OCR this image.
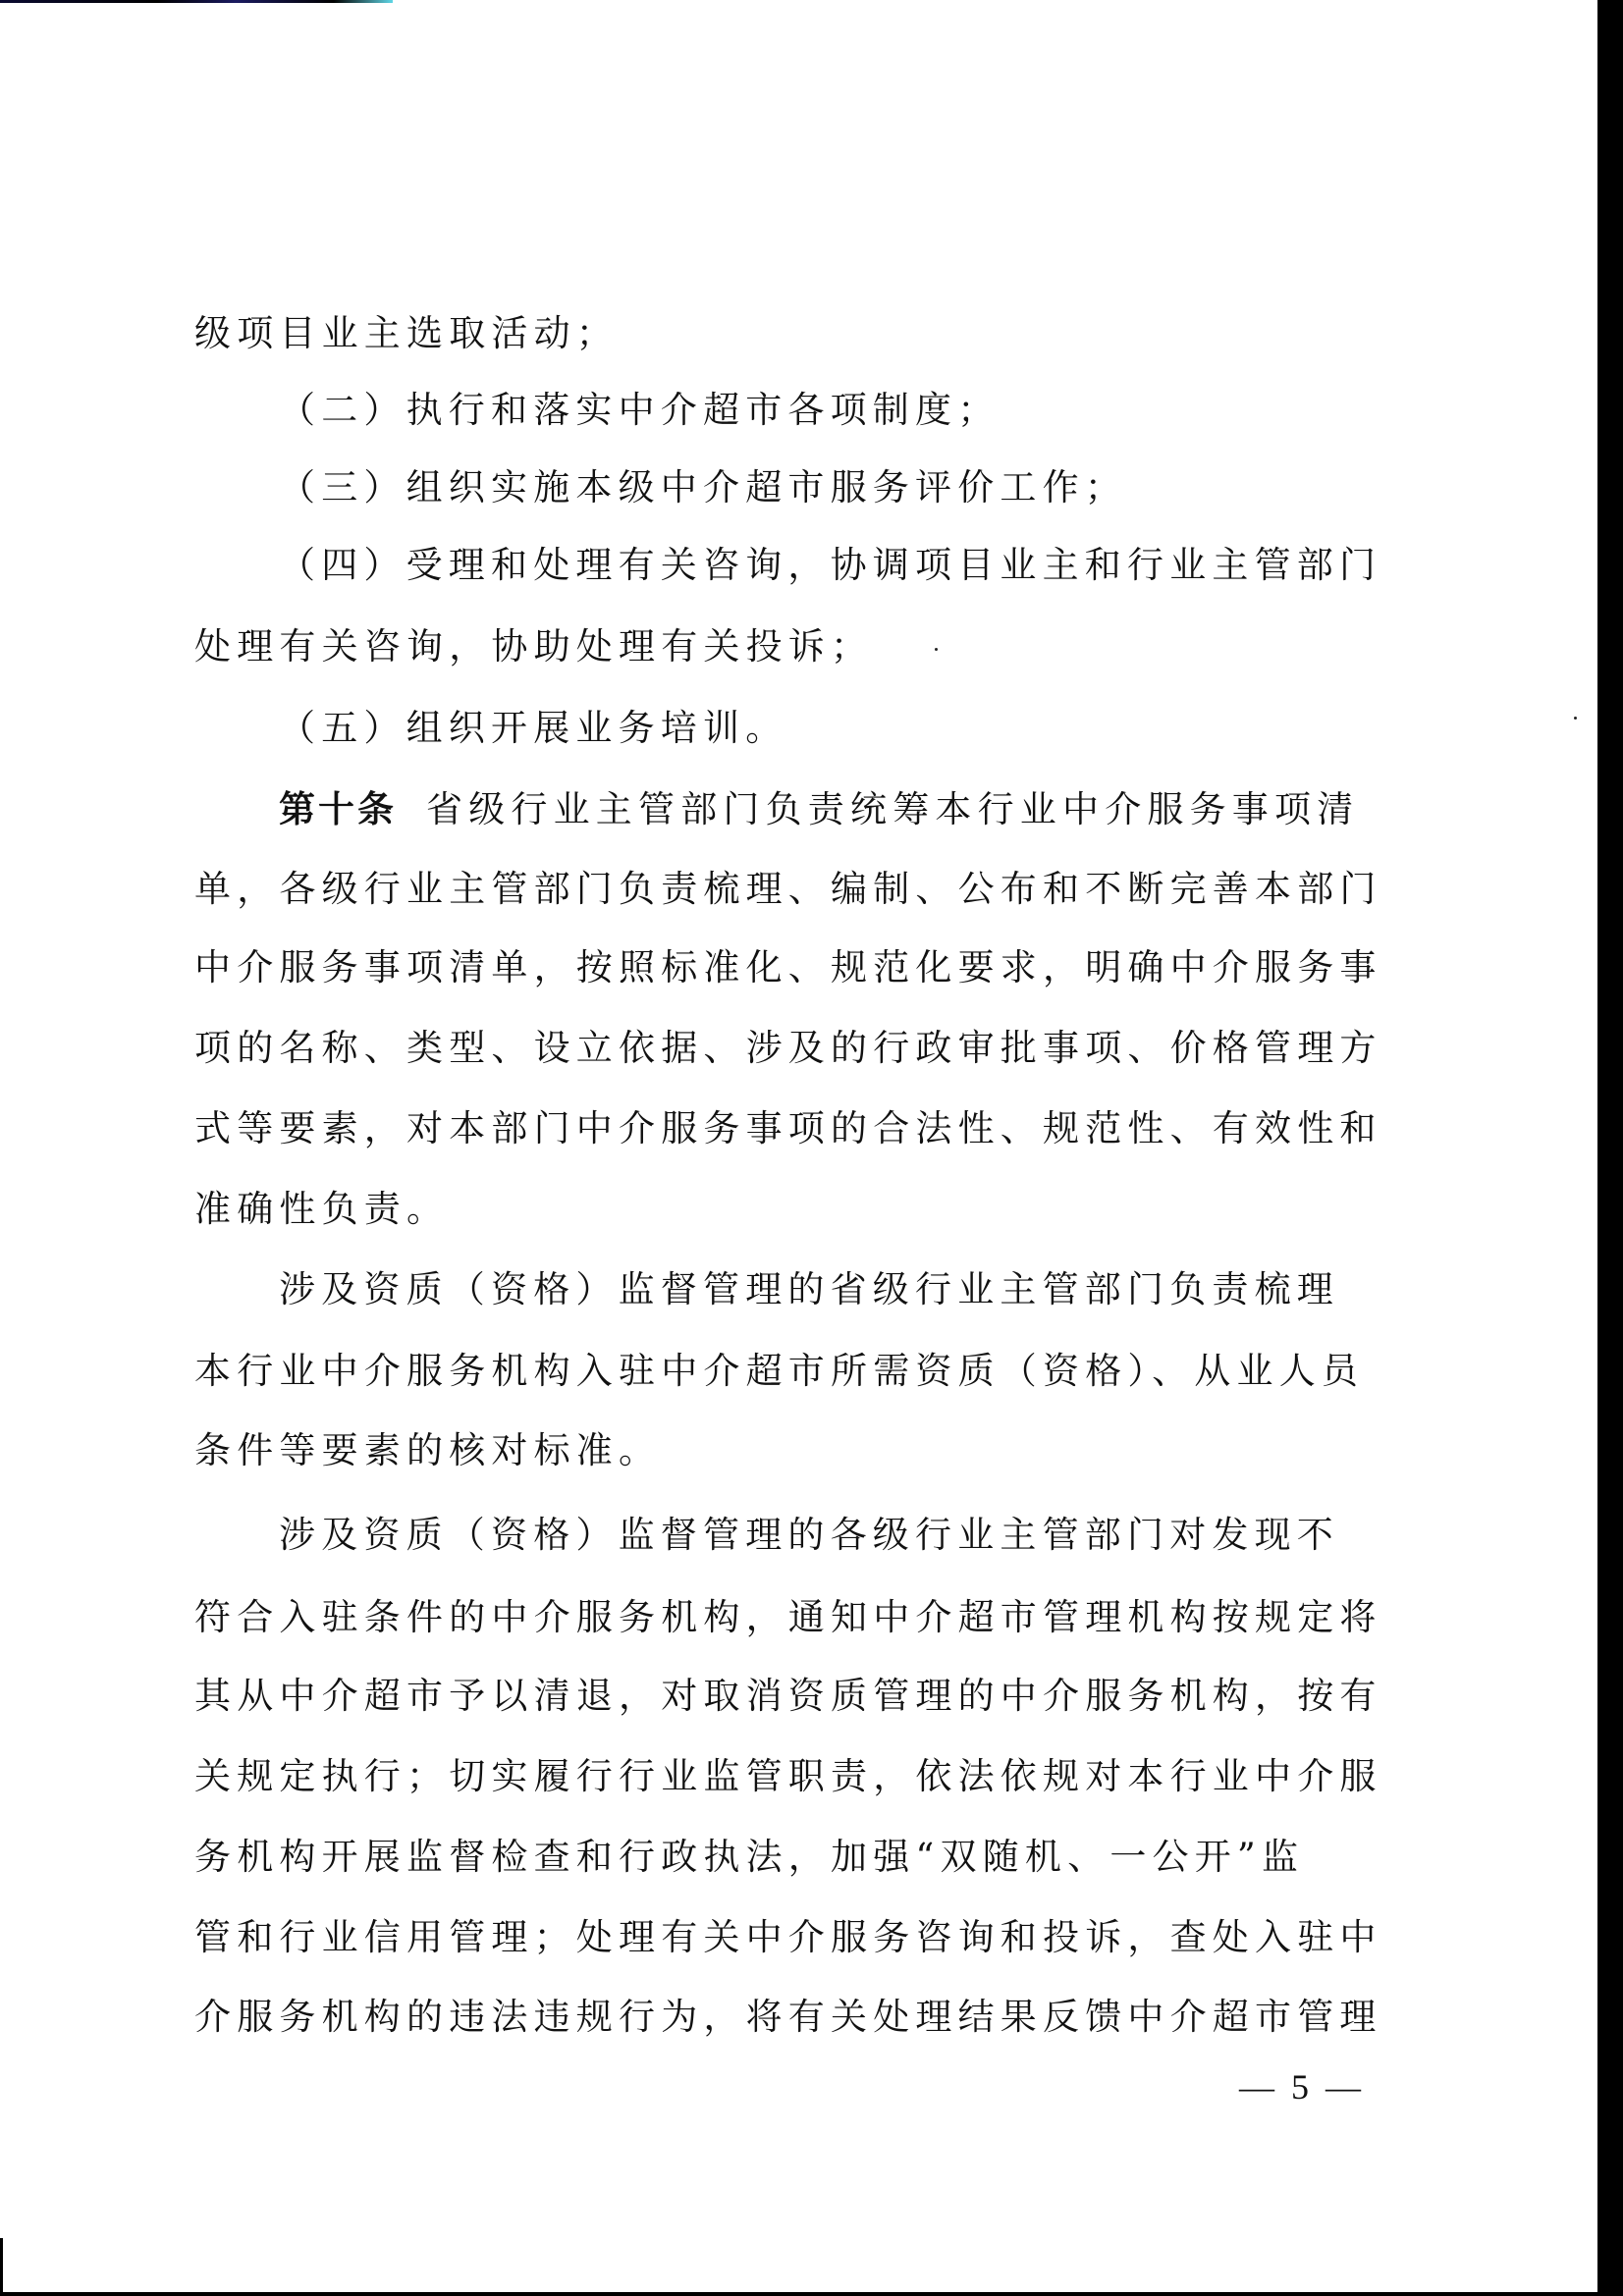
级项目业主选取活动；
（二）执行和落实中介超市各项制度；
（三）组织实施本级中介超市服务评价工作；
（四）受理和处理有关咨询，协调项目业主和行业主管部门
处理有关咨询，协助处理有关投诉；
（五）组织开展业务培训。
第十条 省级行业主管部门负责统筹本行业中介服务事项清
单，各级行业主管部门负责梳理、编制、公布和不断完善本部门
中介服务事项清单，按照标准化、规范化要求，明确中介服务事
项的名称、类型、设立依据、涉及的行政审批事项、价格管理方
式等要素，对本部门中介服务事项的合法性、规范性、有效性和
准确性负责。
涉及资质（资格）监督管理的省级行业主管部门负责梳理
本行业中介服务机构入驻中介超市所需资质（资格）、从业人员
条件等要素的核对标准。
涉及资质（资格）监督管理的各级行业主管部门对发现不
符合入驻条件的中介服务机构，通知中介超市管理机构按规定将
其从中介超市予以清退，对取消资质管理的中介服务机构，按有
关规定执行；切实履行行业监管职责，依法依规对本行业中介服
务机构开展监督检查和行政执法，加强“双随机、一公开”监
管和行业信用管理；处理有关中介服务咨询和投诉，查处入驻中
介服务机构的违法违规行为，将有关处理结果反馈中介超市管理
— 5 —
